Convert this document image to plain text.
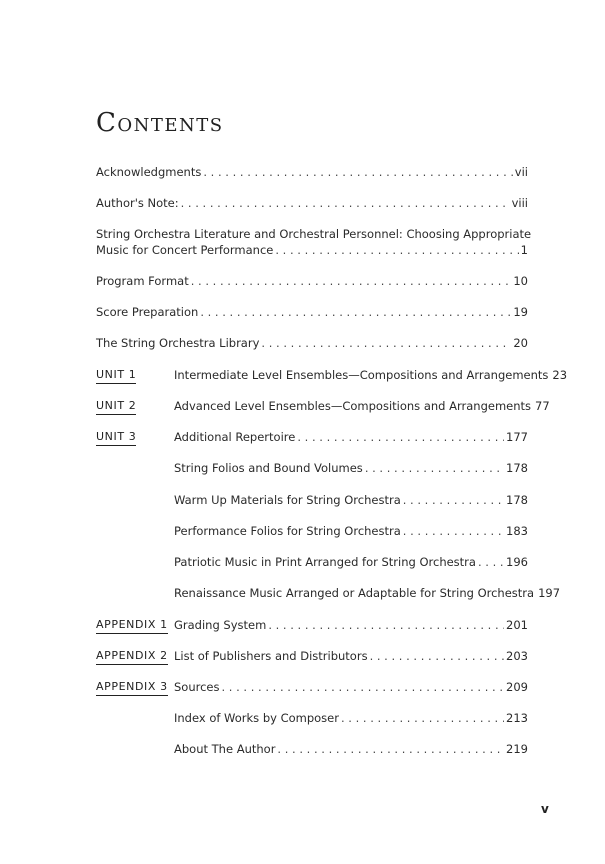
Contents
Acknowledgments . . .	vii
Author's Note: . . .	viii
String Orchestra Literature and Orchestral Personnel: Choosing Appropriate
Music for Concert Performance . . .	1
Program Format . . .	10
Score Preparation . . .	19
The String Orchestra Library . . .	20
UNIT 1	Intermediate Level Ensembles—Compositions and Arrangements 23
UNIT 2	Advanced Level Ensembles—Compositions and Arrangements 77
UNIT 3	Additional Repertoire . . .	177
String Folios and Bound Volumes . . .	178
Warm Up Materials for String Orchestra . . .	178
Performance Folios for String Orchestra . . .	183
Patriotic Music in Print Arranged for String Orchestra . . .	196
Renaissance Music Arranged or Adaptable for String Orchestra 197
APPENDIX 1 Grading System . . .	201
APPENDIX 2 List of Publishers and Distributors . . .	203
APPENDIX 3 Sources . . .	209
Index of Works by Composer . . .	213
About The Author . . .	219
v
